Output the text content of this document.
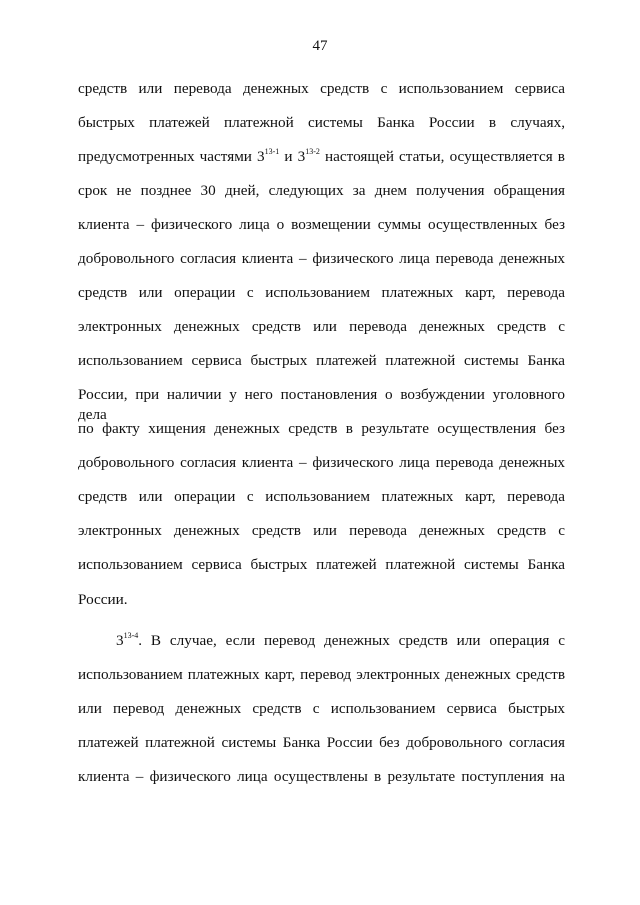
47
средств или перевода денежных средств с использованием сервиса
быстрых платежей платежной системы Банка России в случаях,
предусмотренных частями 3$^{13-1}$ и 3$^{13-2}$ настоящей статьи, осуществляется в
срок не позднее 30 дней, следующих за днем получения обращения
клиента – физического лица о возмещении суммы осуществленных без
добровольного согласия клиента – физического лица перевода денежных
средств или операции с использованием платежных карт, перевода
электронных денежных средств или перевода денежных средств с
использованием сервиса быстрых платежей платежной системы Банка
России, при наличии у него постановления о возбуждении уголовного дела
по факту хищения денежных средств в результате осуществления без
добровольного согласия клиента – физического лица перевода денежных
средств или операции с использованием платежных карт, перевода
электронных денежных средств или перевода денежных средств с
использованием сервиса быстрых платежей платежной системы Банка
России.
3$^{13-4}$. В случае, если перевод денежных средств или операция с
использованием платежных карт, перевод электронных денежных средств
или перевод денежных средств с использованием сервиса быстрых
платежей платежной системы Банка России без добровольного согласия
клиента – физического лица осуществлены в результате поступления на
